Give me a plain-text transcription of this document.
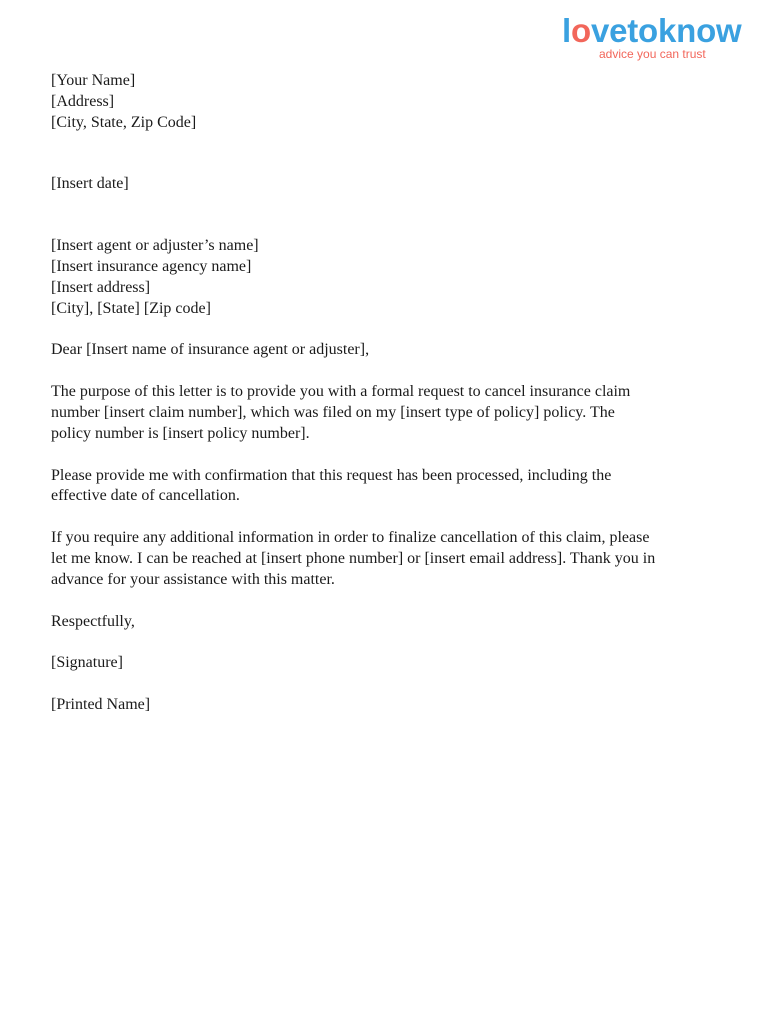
lovetoknow
advice you can trust
[Your Name]
[Address]
[City, State, Zip Code]
[Insert date]
[Insert agent or adjuster’s name]
[Insert insurance agency name]
[Insert address]
[City], [State] [Zip code]
Dear [Insert name of insurance agent or adjuster],
The purpose of this letter is to provide you with a formal request to cancel insurance claim
number [insert claim number], which was filed on my [insert type of policy] policy. The
policy number is [insert policy number].
Please provide me with confirmation that this request has been processed, including the
effective date of cancellation.
If you require any additional information in order to finalize cancellation of this claim, please
let me know. I can be reached at [insert phone number] or [insert email address]. Thank you in
advance for your assistance with this matter.
Respectfully,
[Signature]
[Printed Name]
